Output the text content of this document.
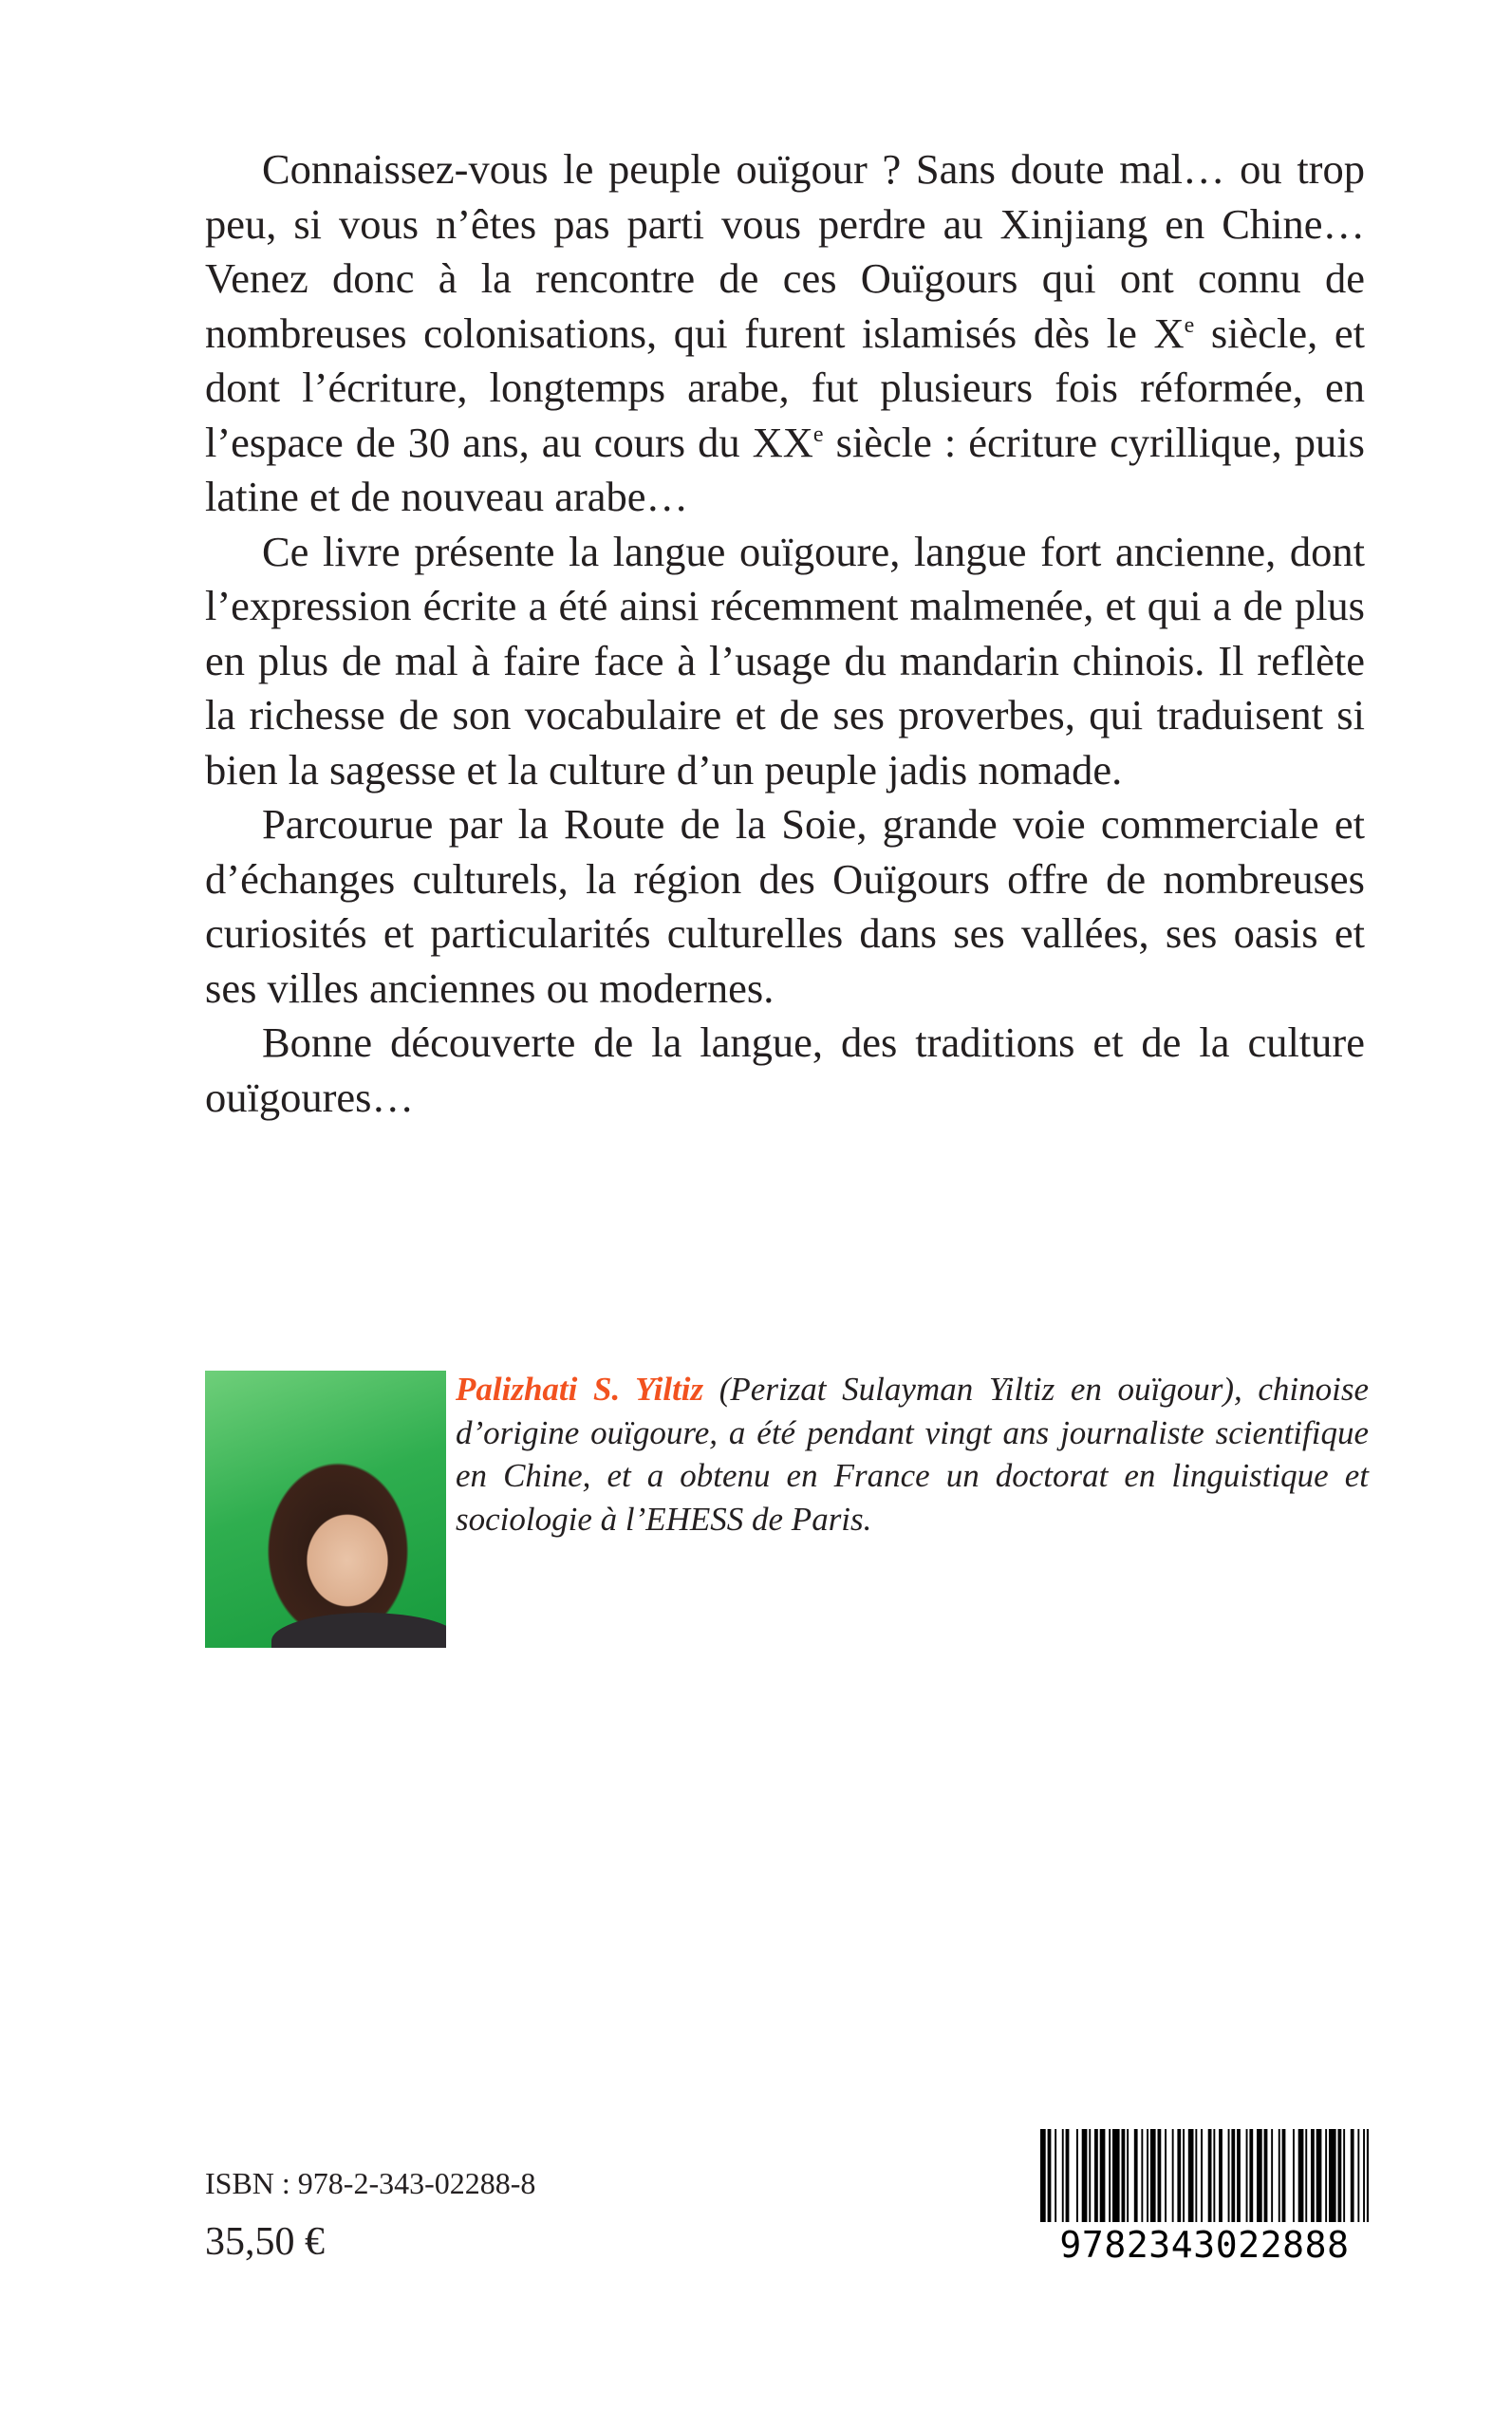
Connaissez-vous le peuple ouïgour ? Sans doute mal… ou trop peu, si vous n’êtes pas parti vous perdre au Xinjiang en Chine… Venez donc à la rencontre de ces Ouïgours qui ont connu de nombreuses colonisations, qui furent islamisés dès le Xe siècle, et dont l’écriture, longtemps arabe, fut plusieurs fois réformée, en l’espace de 30 ans, au cours du XXe siècle : écriture cyrillique, puis latine et de nouveau arabe…

Ce livre présente la langue ouïgoure, langue fort ancienne, dont l’expression écrite a été ainsi récemment malmenée, et qui a de plus en plus de mal à faire face à l’usage du mandarin chinois. Il reflète la richesse de son vocabulaire et de ses proverbes, qui traduisent si bien la sagesse et la culture d’un peuple jadis nomade.

Parcourue par la Route de la Soie, grande voie commerciale et d’échanges culturels, la région des Ouïgours offre de nombreuses curiosités et particularités culturelles dans ses vallées, ses oasis et ses villes anciennes ou modernes.

Bonne découverte de la langue, des traditions et de la culture ouïgoures…

Palizhati S. Yiltiz (Perizat Sulayman Yiltiz en ouïgour), chinoise d’origine ouïgoure, a été pendant vingt ans journaliste scientifique en Chine, et a obtenu en France un doctorat en linguistique et sociologie à l’EHESS de Paris.
ISBN : 978-2-343-02288-8
35,50 €	9782343022888
